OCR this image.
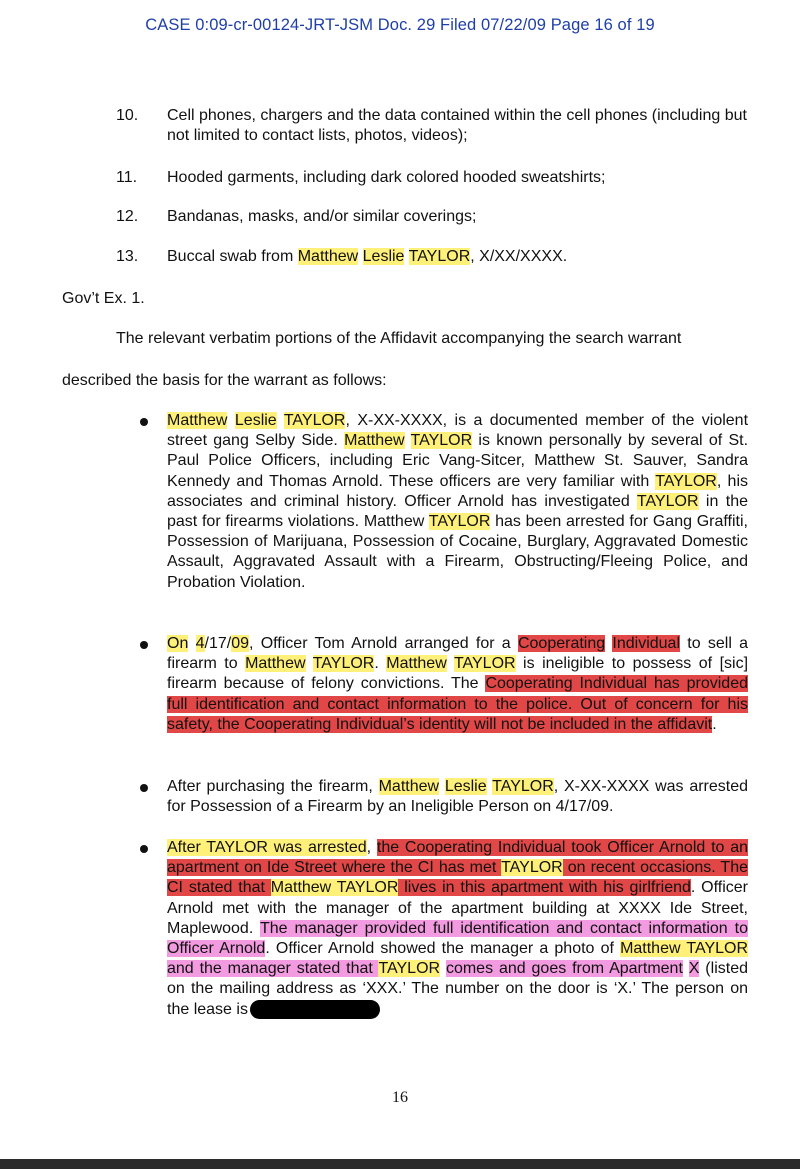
CASE 0:09-cr-00124-JRT-JSM Doc. 29 Filed 07/22/09 Page 16 of 19
10.	Cell phones, chargers and the data contained within the cell phones (including but not limited to contact lists, photos, videos);
11.	Hooded garments, including dark colored hooded sweatshirts;
12.	Bandanas, masks, and/or similar coverings;
13.	Buccal swab from Matthew Leslie TAYLOR, X/XX/XXXX.
Gov’t Ex. 1.
The relevant verbatim portions of the Affidavit accompanying the search warrant
described the basis for the warrant as follows:
Matthew Leslie TAYLOR, X-XX-XXXX, is a documented member of the violent street gang Selby Side. Matthew TAYLOR is known personally by several of St. Paul Police Officers, including Eric Vang-Sitcer, Matthew St. Sauver, Sandra Kennedy and Thomas Arnold. These officers are very familiar with TAYLOR, his associates and criminal history. Officer Arnold has investigated TAYLOR in the past for firearms violations. Matthew TAYLOR has been arrested for Gang Graffiti, Possession of Marijuana, Possession of Cocaine, Burglary, Aggravated Domestic Assault, Aggravated Assault with a Firearm, Obstructing/Fleeing Police, and Probation Violation.
On 4/17/09, Officer Tom Arnold arranged for a Cooperating Individual to sell a firearm to Matthew TAYLOR. Matthew TAYLOR is ineligible to possess of [sic] firearm because of felony convictions. The Cooperating Individual has provided full identification and contact information to the police. Out of concern for his safety, the Cooperating Individual’s identity will not be included in the affidavit.
After purchasing the firearm, Matthew Leslie TAYLOR, X-XX-XXXX was arrested for Possession of a Firearm by an Ineligible Person on 4/17/09.
After TAYLOR was arrested, the Cooperating Individual took Officer Arnold to an apartment on Ide Street where the CI has met TAYLOR on recent occasions. The CI stated that Matthew TAYLOR lives in this apartment with his girlfriend. Officer Arnold met with the manager of the apartment building at XXXX Ide Street, Maplewood. The manager provided full identification and contact information to Officer Arnold. Officer Arnold showed the manager a photo of Matthew TAYLOR and the manager stated that TAYLOR comes and goes from Apartment X (listed on the mailing address as ‘XXX.’ The number on the door is ‘X.’ The person on the lease is
16
